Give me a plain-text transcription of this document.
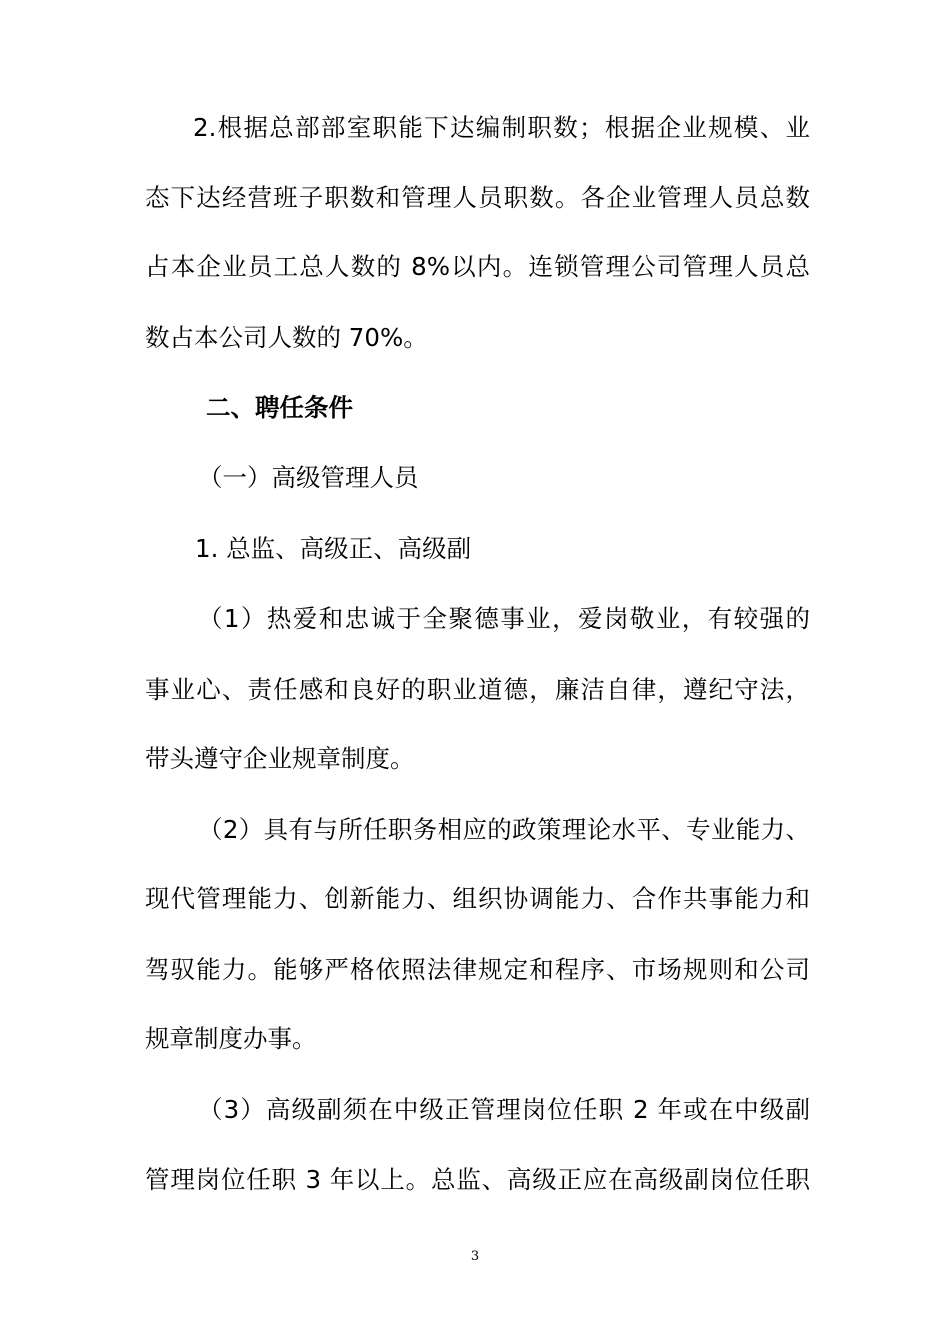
2.根据总部部室职能下达编制职数；根据企业规模、业
态下达经营班子职数和管理人员职数。各企业管理人员总数
占本企业员工总人数的 8%以内。连锁管理公司管理人员总
数占本公司人数的 70%。
二、聘任条件
（一）高级管理人员
1. 总监、高级正、高级副
（1）热爱和忠诚于全聚德事业，爱岗敬业，有较强的
事业心、责任感和良好的职业道德，廉洁自律，遵纪守法，
带头遵守企业规章制度。
（2）具有与所任职务相应的政策理论水平、专业能力、
现代管理能力、创新能力、组织协调能力、合作共事能力和
驾驭能力。能够严格依照法律规定和程序、市场规则和公司
规章制度办事。
（3）高级副须在中级正管理岗位任职 2 年或在中级副
管理岗位任职 3 年以上。总监、高级正应在高级副岗位任职
3
